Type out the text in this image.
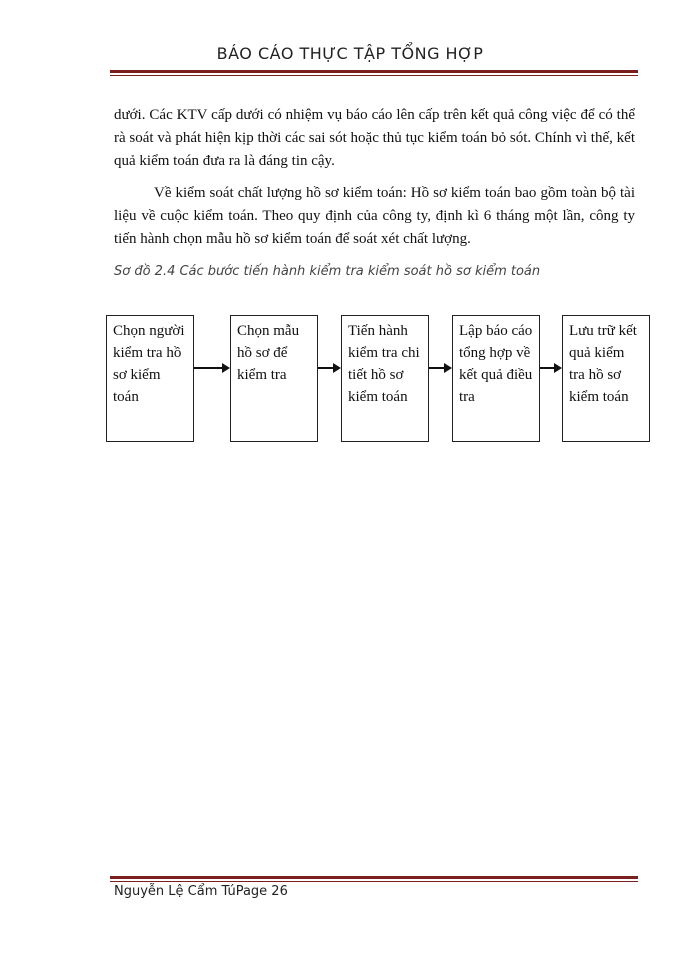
BÁO CÁO THỰC TẬP TỔNG HỢP

dưới. Các KTV cấp dưới có nhiệm vụ báo cáo lên cấp trên kết quả công việc để có thể rà soát và phát hiện kịp thời các sai sót hoặc thủ tục kiểm toán bỏ sót. Chính vì thế, kết quả kiểm toán đưa ra là đáng tin cậy.

Về kiểm soát chất lượng hồ sơ kiểm toán: Hồ sơ kiểm toán bao gồm toàn bộ tài liệu về cuộc kiểm toán. Theo quy định của công ty, định kì 6 tháng một lần, công ty tiến hành chọn mẫu hồ sơ kiểm toán để soát xét chất lượng.

Sơ đồ 2.4 Các bước tiến hành kiểm tra kiểm soát hồ sơ kiểm toán
Chọn người kiểm tra hồ sơ kiểm toán
Chọn mẫu hồ sơ để kiểm tra
Tiến hành kiểm tra chi tiết hồ sơ kiểm toán
Lập báo cáo tổng hợp về kết quả điều tra
Lưu trữ kết quả kiểm tra hồ sơ kiểm toán
Nguyễn Lệ Cẩm TúPage 26
